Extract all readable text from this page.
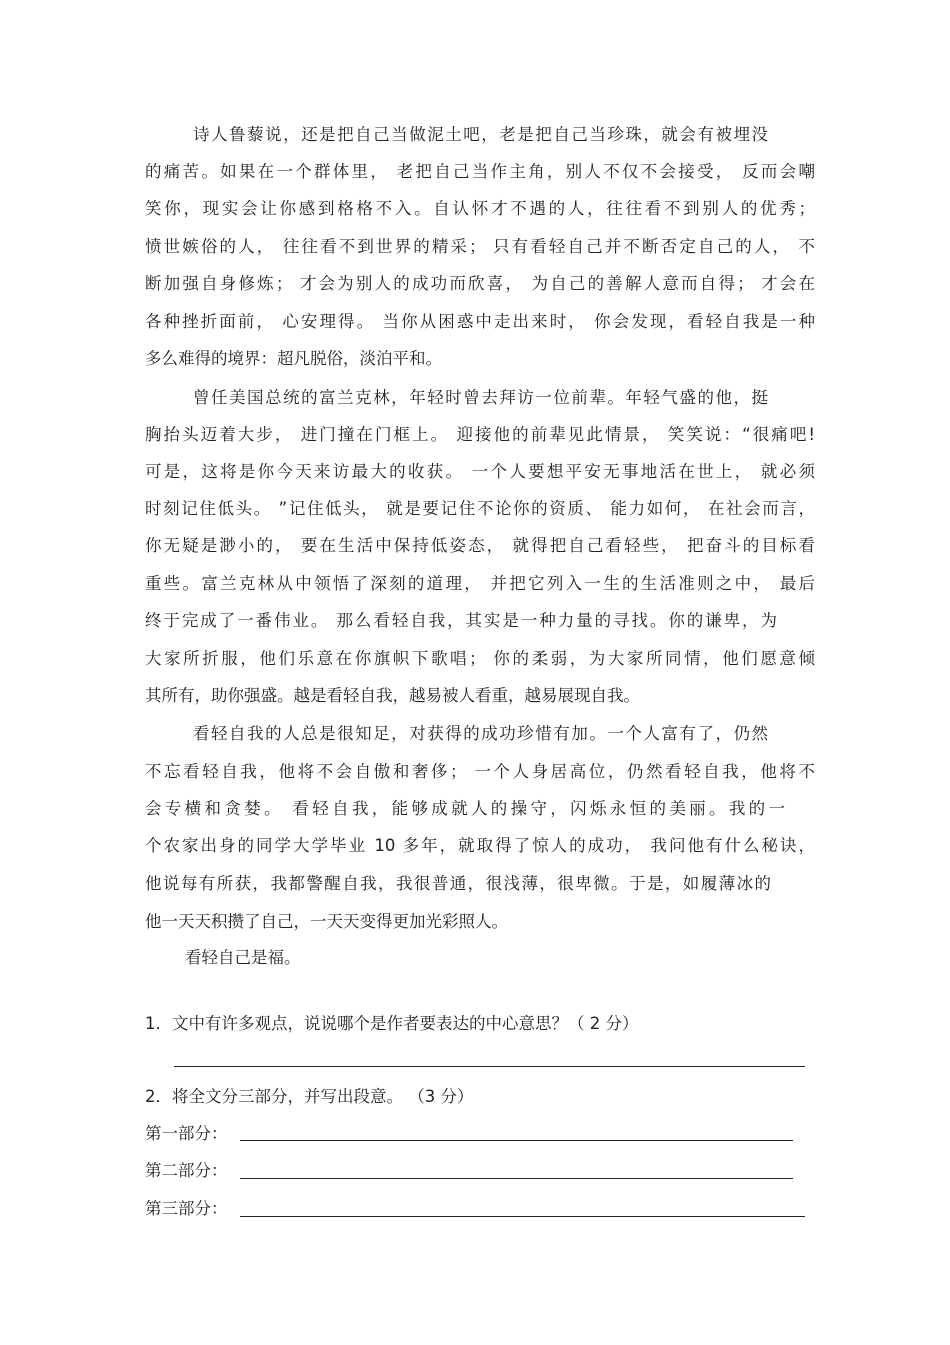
诗人鲁藜说，还是把自己当做泥土吧，老是把自己当珍珠，就会有被埋没
的痛苦。如果在一个群体里， 老把自己当作主角，别人不仅不会接受， 反而会嘲
笑你，现实会让你感到格格不入。自认怀才不遇的人，往往看不到别人的优秀；
愤世嫉俗的人， 往往看不到世界的精采； 只有看轻自己并不断否定自己的人， 不
断加强自身修炼； 才会为别人的成功而欣喜， 为自己的善解人意而自得； 才会在
各种挫折面前， 心安理得。 当你从困惑中走出来时， 你会发现，看轻自我是一种
多么难得的境界：超凡脱俗，淡泊平和。
曾任美国总统的富兰克林，年轻时曾去拜访一位前辈。年轻气盛的他，挺
胸抬头迈着大步， 进门撞在门框上。 迎接他的前辈见此情景， 笑笑说：“很痛吧!
可是，这将是你今天来访最大的收获。 一个人要想平安无事地活在世上， 就必须
时刻记住低头。 ”记住低头， 就是要记住不论你的资质、 能力如何， 在社会而言，
你无疑是渺小的， 要在生活中保持低姿态， 就得把自己看轻些， 把奋斗的目标看
重些。富兰克林从中领悟了深刻的道理， 并把它列入一生的生活准则之中， 最后
终于完成了一番伟业。 那么看轻自我，其实是一种力量的寻找。你的谦卑，为
大家所折服，他们乐意在你旗帜下歌唱； 你的柔弱，为大家所同情，他们愿意倾
其所有，助你强盛。越是看轻自我，越易被人看重，越易展现自我。
看轻自我的人总是很知足，对获得的成功珍惜有加。一个人富有了，仍然
不忘看轻自我，他将不会自傲和奢侈； 一个人身居高位，仍然看轻自我，他将不
会专横和贪婪。 看轻自我，能够成就人的操守，闪烁永恒的美丽。我的一
个农家出身的同学大学毕业 10 多年，就取得了惊人的成功， 我问他有什么秘诀，
他说每有所获，我都警醒自我，我很普通，很浅薄，很卑微。于是，如履薄冰的
他一天天积攒了自己，一天天变得更加光彩照人。
看轻自己是福。
1．文中有许多观点，说说哪个是作者要表达的中心意思？（ 2 分）
2．将全文分三部分，并写出段意。 （3 分）
第一部分：
第二部分：
第三部分：
